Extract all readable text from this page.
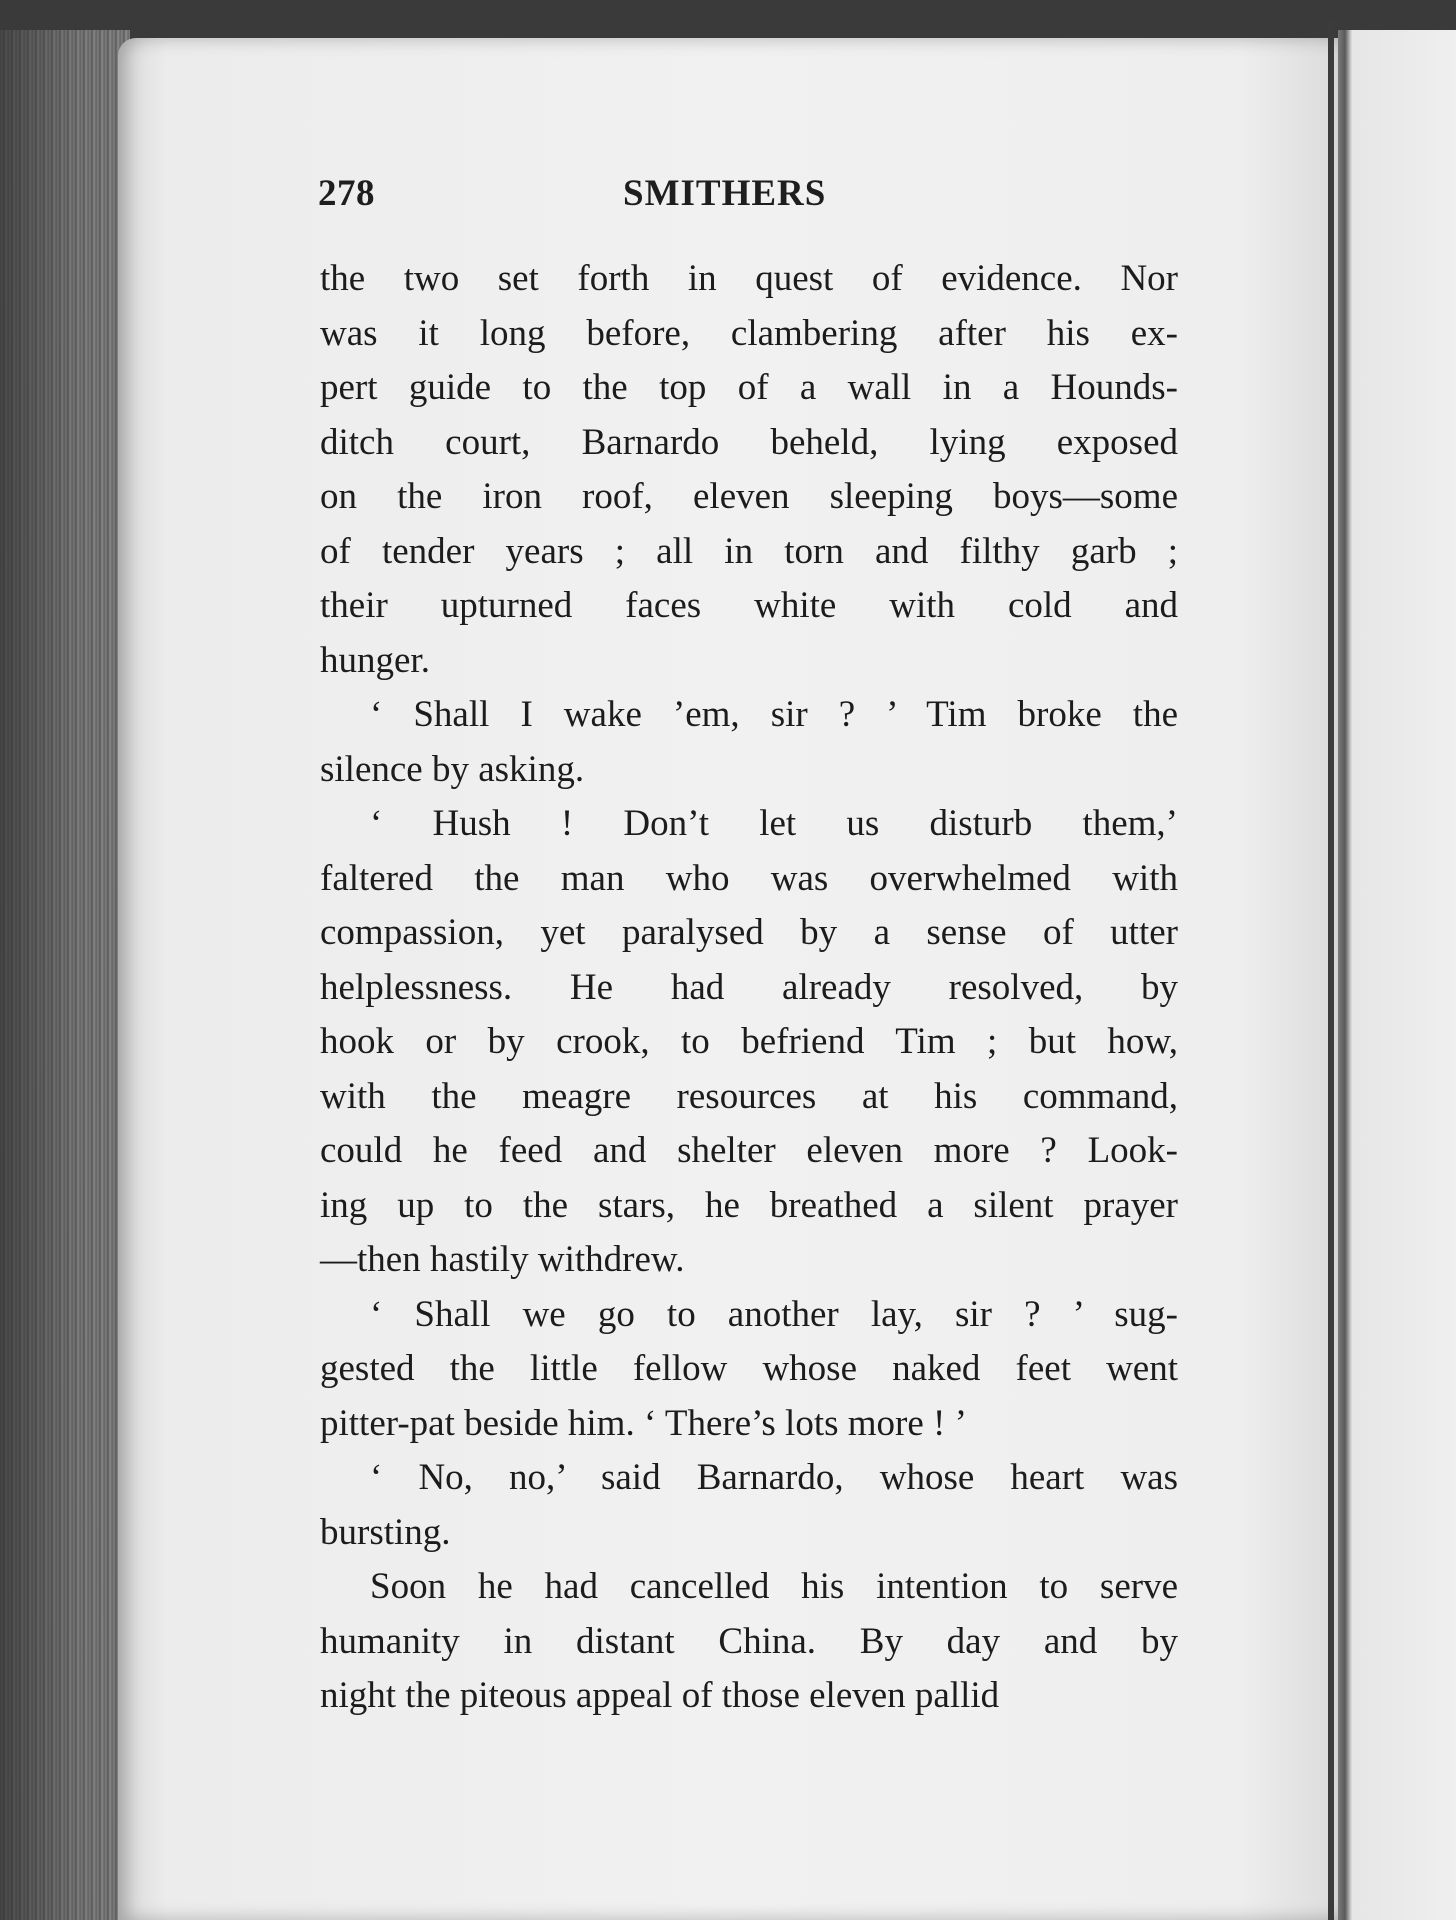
278	SMITHERS

the two set forth in quest of evidence. Nor
was it long before, clambering after his ex-
pert guide to the top of a wall in a Hounds-
ditch court, Barnardo beheld, lying exposed
on the iron roof, eleven sleeping boys—some
of tender years ; all in torn and filthy garb ;
their upturned faces white with cold and
hunger.

‘ Shall I wake ’em, sir ? ’ Tim broke the
silence by asking.

‘ Hush ! Don’t let us disturb them,’
faltered the man who was overwhelmed with
compassion, yet paralysed by a sense of utter
helplessness. He had already resolved, by
hook or by crook, to befriend Tim ; but how,
with the meagre resources at his command,
could he feed and shelter eleven more ? Look-
ing up to the stars, he breathed a silent prayer
—then hastily withdrew.

‘ Shall we go to another lay, sir ? ’ sug-
gested the little fellow whose naked feet went
pitter-pat beside him. ‘ There’s lots more ! ’

‘ No, no,’ said Barnardo, whose heart was
bursting.

Soon he had cancelled his intention to serve
humanity in distant China. By day and by
night the piteous appeal of those eleven pallid
